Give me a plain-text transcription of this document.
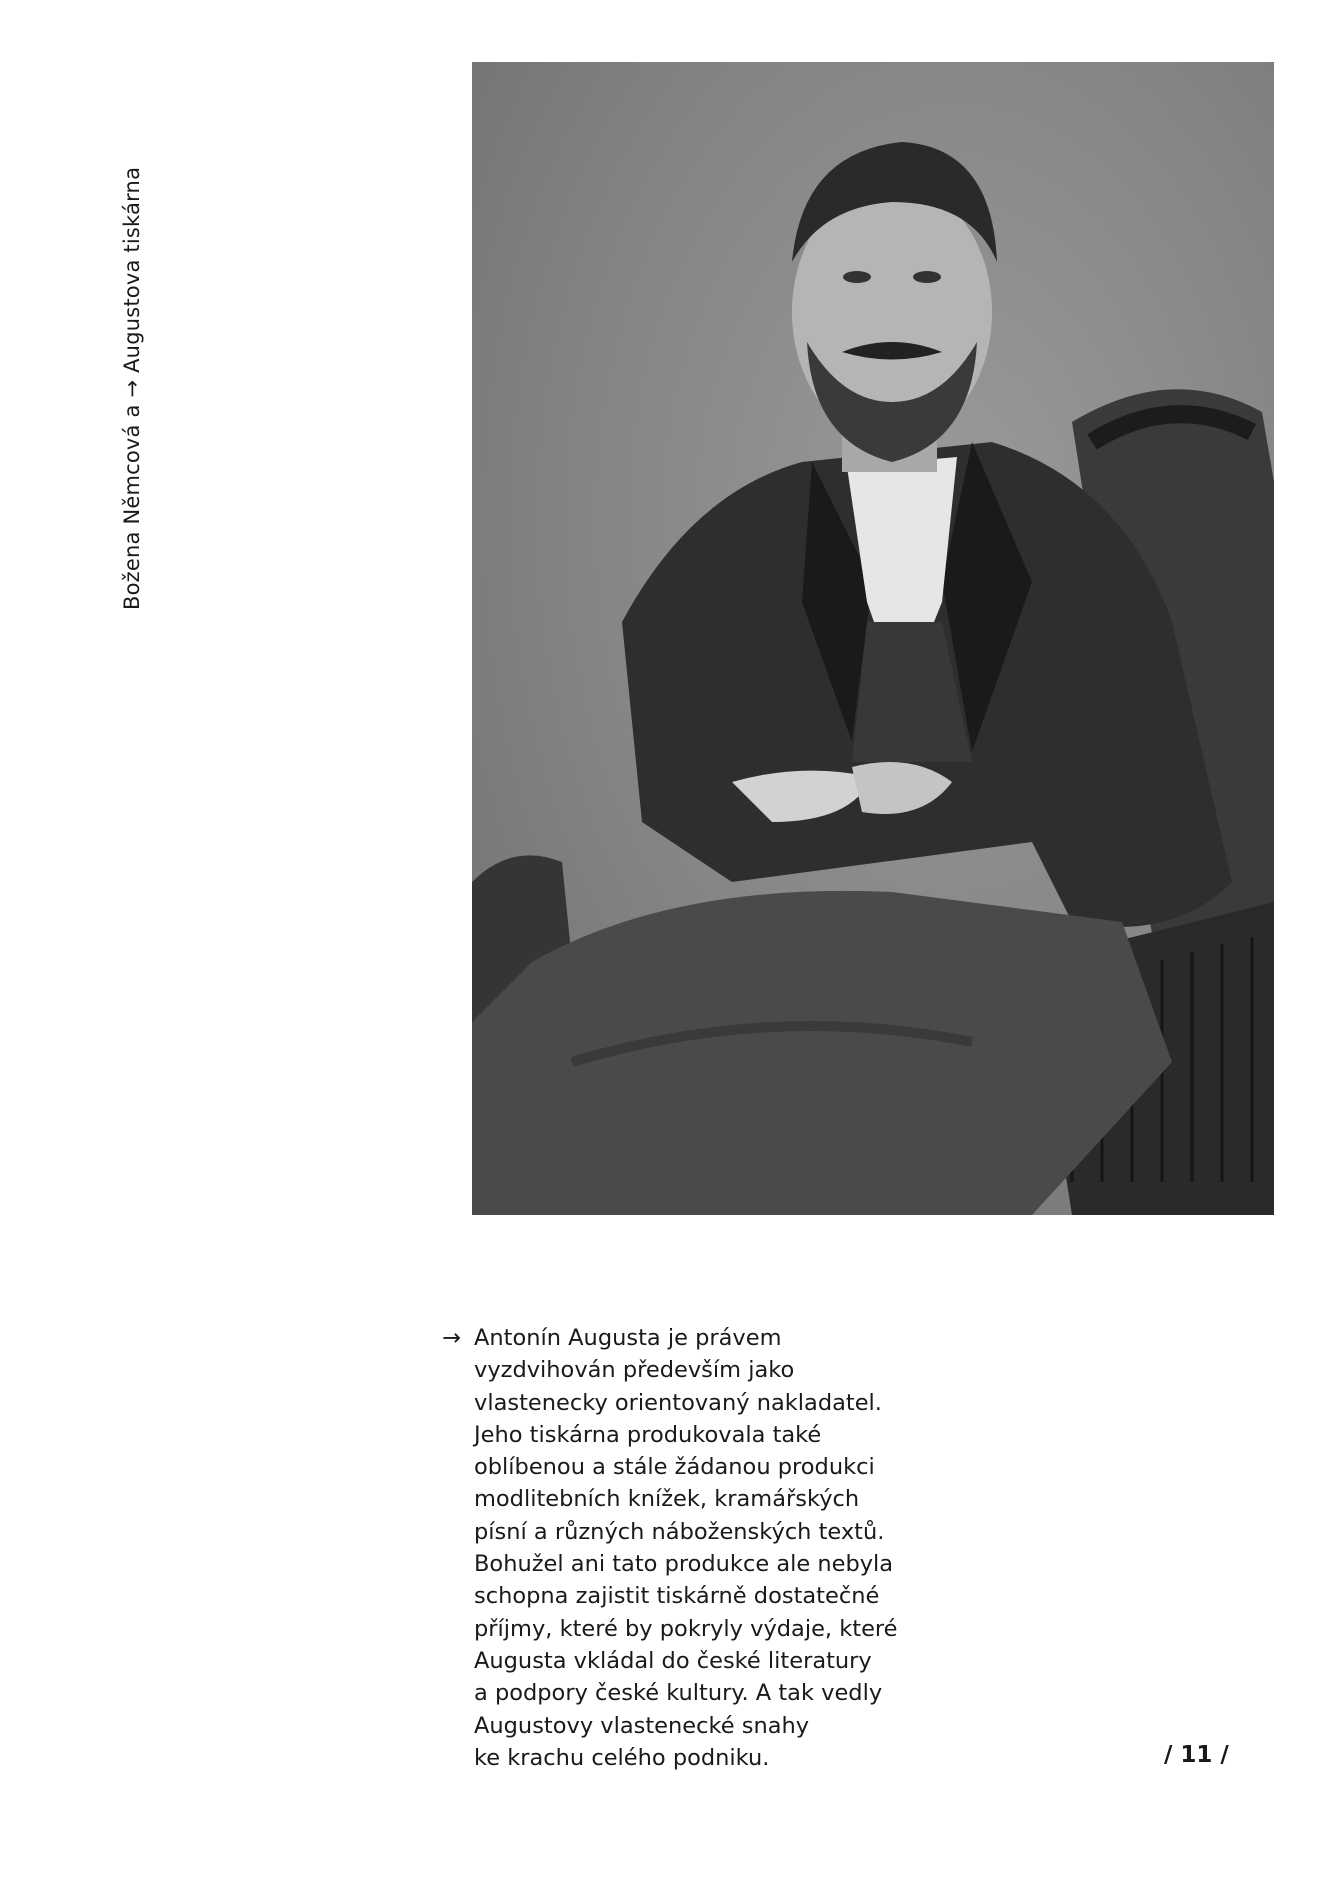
Božena Němcová a → Augustova tiskárna
→ Antonín Augusta je právem
vyzdvihován především jako
vlastenecky orientovaný nakladatel.
Jeho tiskárna produkovala také
oblíbenou a stále žádanou produkci
modlitebních knížek, kramářských
písní a různých náboženských textů.
Bohužel ani tato produkce ale nebyla
schopna zajistit tiskárně dostatečné
příjmy, které by pokryly výdaje, které
Augusta vkládal do české literatury
a podpory české kultury. A tak vedly
Augustovy vlastenecké snahy
ke krachu celého podniku.	/ 11 /
